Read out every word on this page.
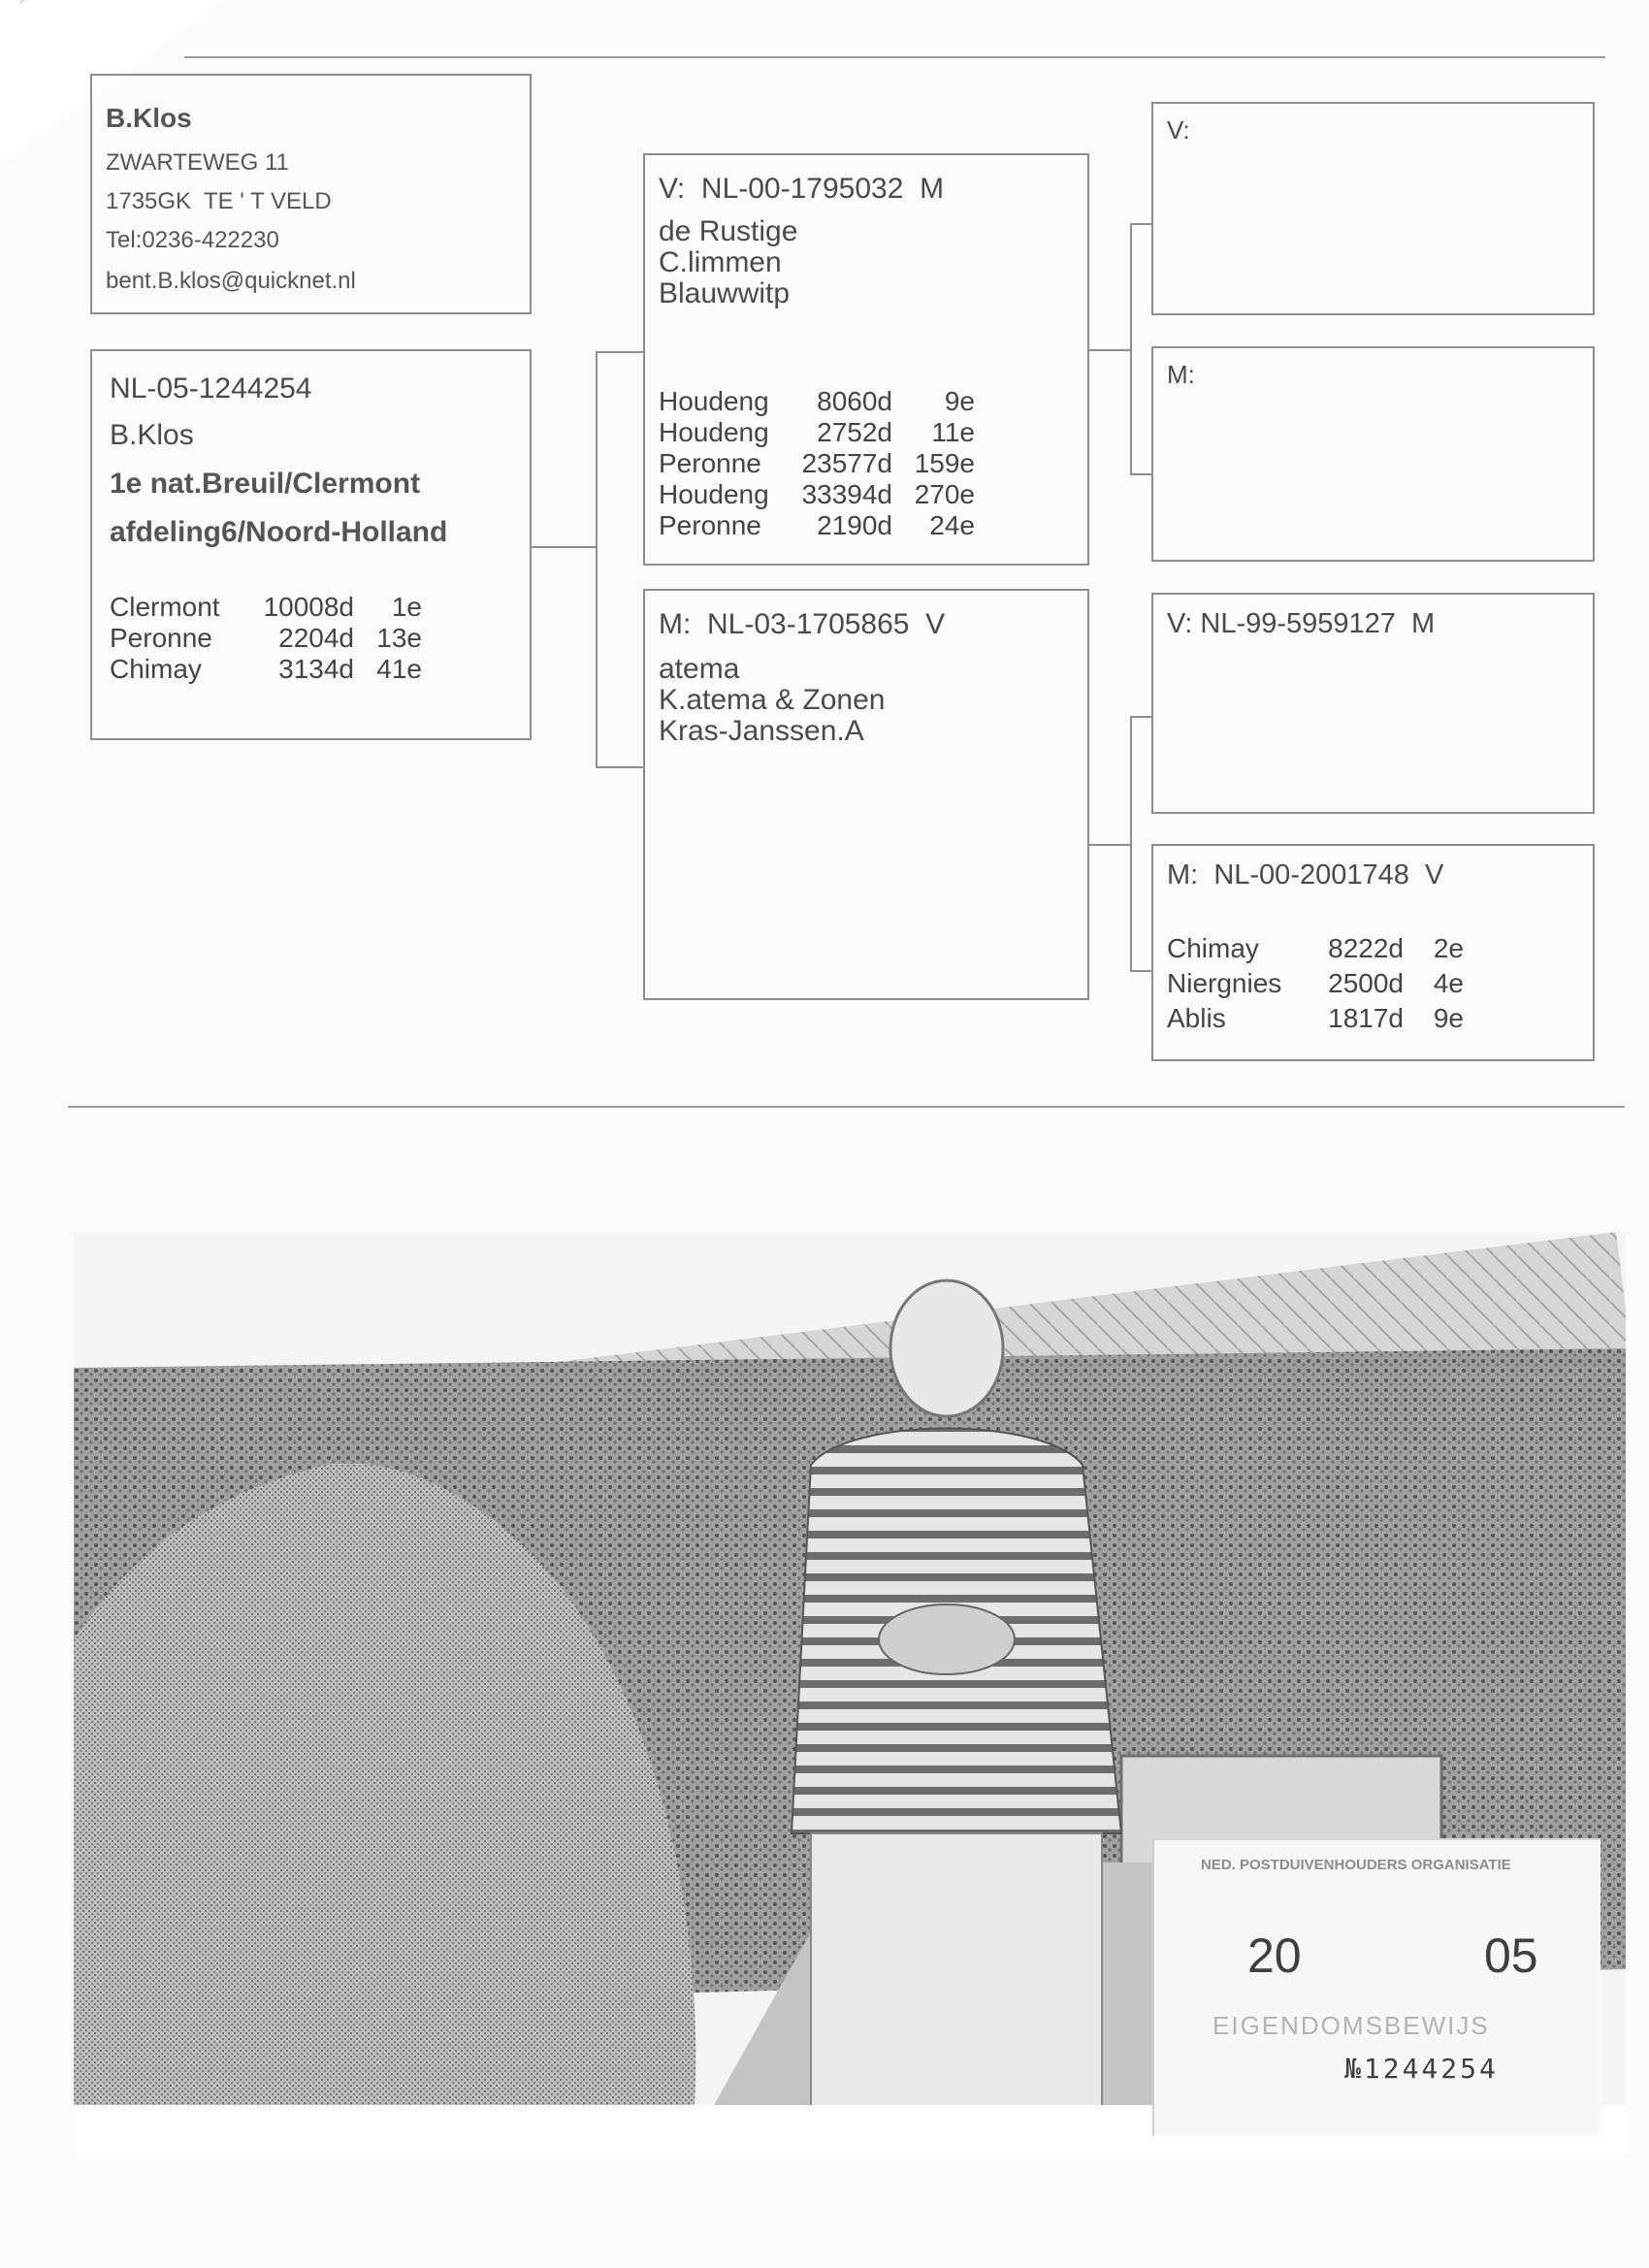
B.Klos
ZWARTEWEG 11
1735GK  TE ' T VELD
Tel:0236-422230
bent.B.klos@quicknet.nl
NL-05-1244254
B.Klos
1e nat.Breuil/Clermont
afdeling6/Noord-Holland
Clermont 10008d 1e
Peronne 2204d 13e
Chimay	3134d 41e
V:  NL-00-1795032  M
de Rustige
C.limmen
Blauwwitp
Houdeng 8060d 9e
Houdeng 2752d 11e
Peronne 23577d 159e
Houdeng 33394d 270e
Peronne 2190d 24e
M:  NL-03-1705865  V
atema
K.atema & Zonen
Kras-Janssen.A
V:
M:
V: NL-99-5959127  M
M:  NL-00-2001748  V
Chimay	8222d 2e
Niergnies 2500d 4e
Ablis	1817d 9e
NED. POSTDUIVENHOUDERS ORGANISATIE
20	05
EIGENDOMSBEWIJS
№1244254
